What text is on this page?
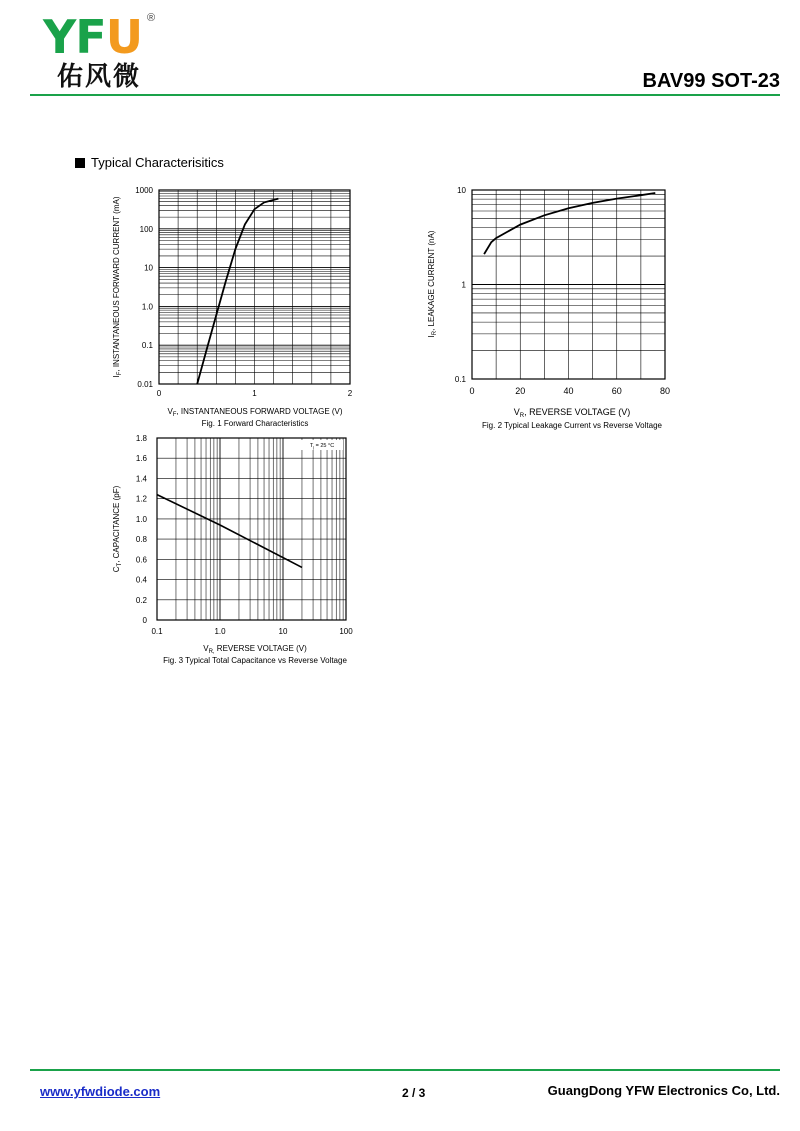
YFU ®
佑风微	BAV99 SOT-23
Typical Characterisitics
1000
100
10
1.0
0.1
0.01
0	1	2
$I_F$, INSTANTANEOUS FORWARD CURRENT (mA)
$V_F$, INSTANTANEOUS FORWARD VOLTAGE (V)
Fig. 1 Forward Characteristics
10
1
0.1
0	20	40	60	80
$I_R$, LEAKAGE CURRENT (nA)
$V_R$, REVERSE VOLTAGE (V)
Fig. 2 Typical Leakage Current vs Reverse Voltage
$T_j = 25$ °C
1.8
1.6
1.4
1.2
1.0
0.8
0.6
0.4
0.2
0
0.1	1.0	10	100
$C_T$, CAPACITANCE (pF)
$V_{R,}$ REVERSE VOLTAGE (V)
Fig. 3 Typical Total Capacitance vs Reverse Voltage
www.yfwdiode.com	2 / 3	GuangDong YFW Electronics Co, Ltd.
